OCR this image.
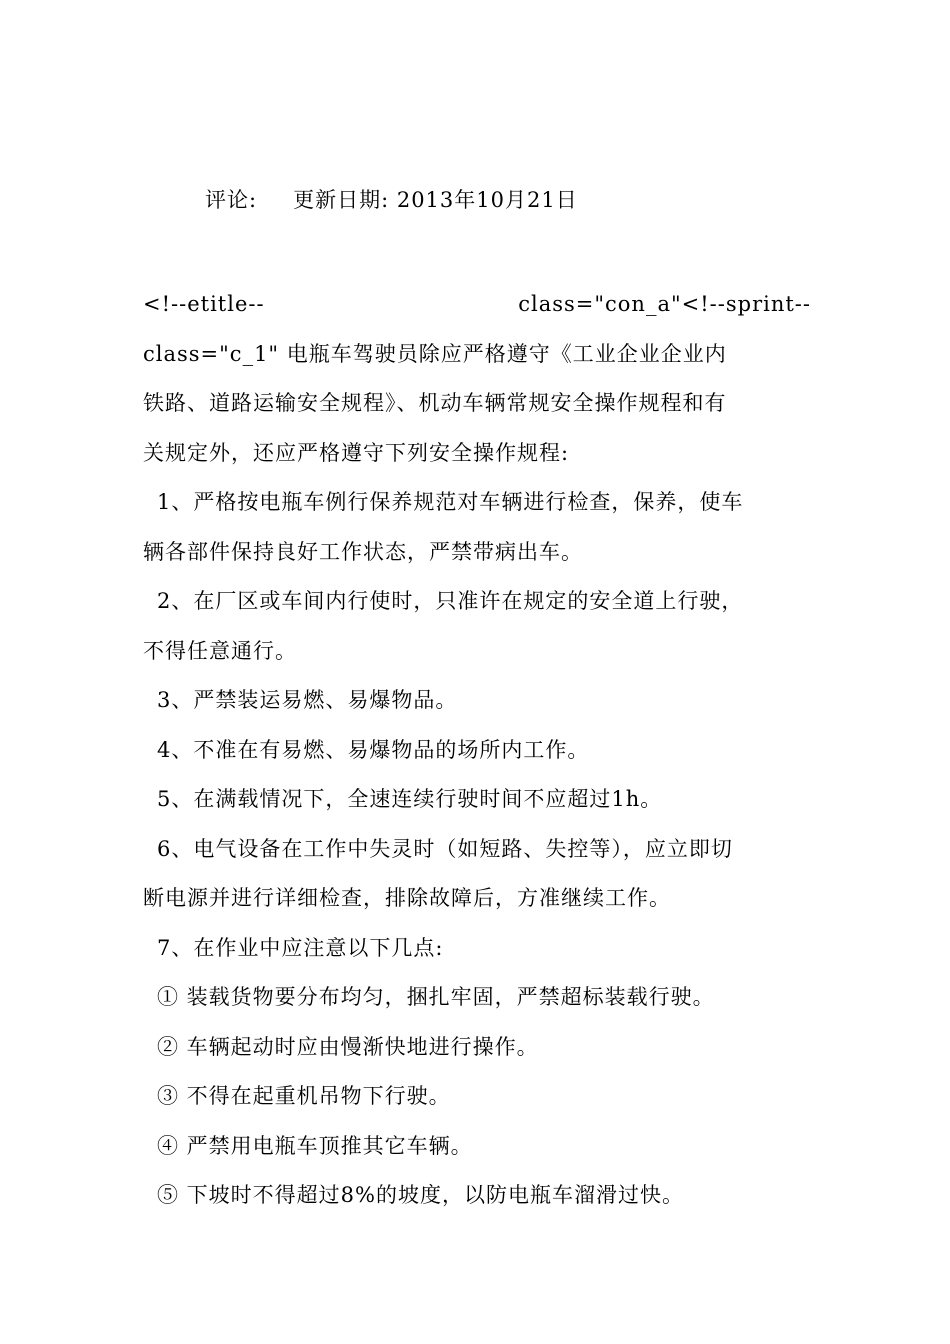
评论: 更新日期: 2013年10月21日
<!--etitle--	class="con_a"<!--sprint--
class="c_1" 电瓶车驾驶员除应严格遵守《工业企业企业内
铁路、道路运输安全规程》、机动车辆常规安全操作规程和有
关规定外，还应严格遵守下列安全操作规程:
1、严格按电瓶车例行保养规范对车辆进行检查，保养，使车
辆各部件保持良好工作状态，严禁带病出车。
2、在厂区或车间内行使时，只准许在规定的安全道上行驶，
不得任意通行。
3、严禁装运易燃、易爆物品。
4、不准在有易燃、易爆物品的场所内工作。
5、在满载情况下，全速连续行驶时间不应超过1h。
6、电气设备在工作中失灵时（如短路、失控等），应立即切
断电源并进行详细检查，排除故障后，方准继续工作。
7、在作业中应注意以下几点:
① 装载货物要分布均匀，捆扎牢固，严禁超标装载行驶。
② 车辆起动时应由慢渐快地进行操作。
③ 不得在起重机吊物下行驶。
④ 严禁用电瓶车顶推其它车辆。
⑤ 下坡时不得超过8%的坡度，以防电瓶车溜滑过快。
